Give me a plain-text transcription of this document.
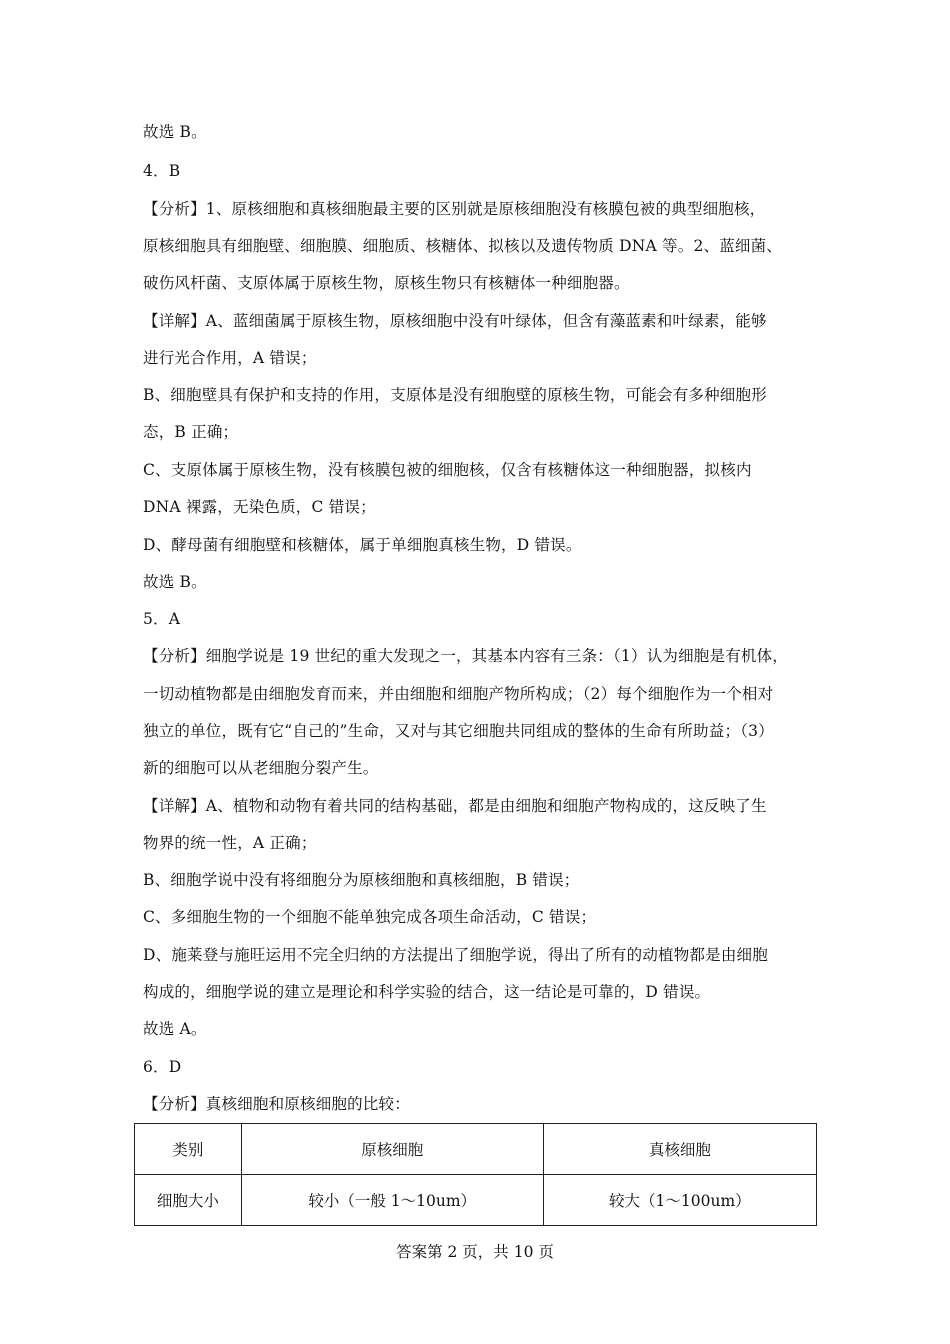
故选 B。
4．B
【分析】1、原核细胞和真核细胞最主要的区别就是原核细胞没有核膜包被的典型细胞核，
原核细胞具有细胞壁、细胞膜、细胞质、核糖体、拟核以及遗传物质 DNA 等。2、蓝细菌、
破伤风杆菌、支原体属于原核生物，原核生物只有核糖体一种细胞器。
【详解】A、蓝细菌属于原核生物，原核细胞中没有叶绿体，但含有藻蓝素和叶绿素，能够
进行光合作用，A 错误；
B、细胞壁具有保护和支持的作用，支原体是没有细胞壁的原核生物，可能会有多种细胞形
态，B 正确；
C、支原体属于原核生物，没有核膜包被的细胞核，仅含有核糖体这一种细胞器，拟核内
DNA 裸露，无染色质，C 错误；
D、酵母菌有细胞壁和核糖体，属于单细胞真核生物，D 错误。
故选 B。
5．A
【分析】细胞学说是 19 世纪的重大发现之一，其基本内容有三条：（1）认为细胞是有机体，
一切动植物都是由细胞发育而来，并由细胞和细胞产物所构成；（2）每个细胞作为一个相对
独立的单位，既有它“自己的”生命，又对与其它细胞共同组成的整体的生命有所助益；（3）
新的细胞可以从老细胞分裂产生。
【详解】A、植物和动物有着共同的结构基础，都是由细胞和细胞产物构成的，这反映了生
物界的统一性，A 正确；
B、细胞学说中没有将细胞分为原核细胞和真核细胞，B 错误；
C、多细胞生物的一个细胞不能单独完成各项生命活动，C 错误；
D、施莱登与施旺运用不完全归纳的方法提出了细胞学说，得出了所有的动植物都是由细胞
构成的，细胞学说的建立是理论和科学实验的结合，这一结论是可靠的，D 错误。
故选 A。
6．D
【分析】真核细胞和原核细胞的比较：
类别	原核细胞	真核细胞
细胞大小	较小（一般 1～10um）	较大（1～100um）
答案第 2 页，共 10 页
